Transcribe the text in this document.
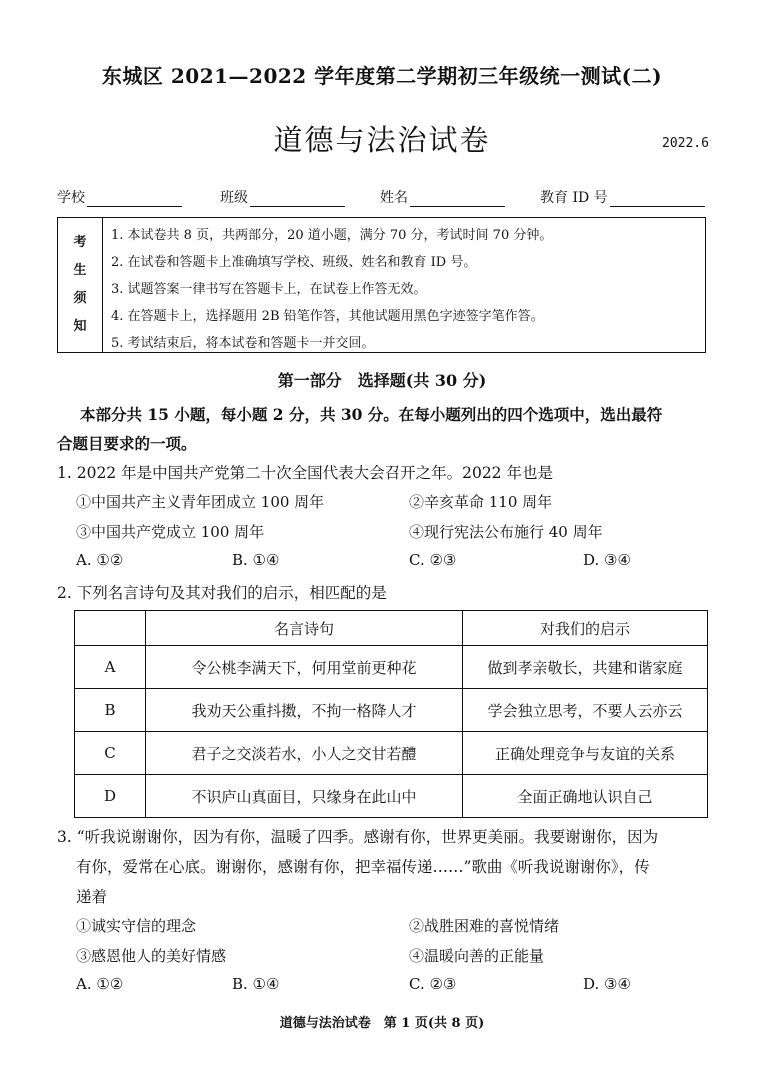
东城区 2021—2022 学年度第二学期初三年级统一测试(二)
道德与法治试卷	2022.6
学校	班级	姓名	教育 ID 号
考
生
须
知
1. 本试卷共 8 页，共两部分，20 道小题，满分 70 分，考试时间 70 分钟。
2. 在试卷和答题卡上准确填写学校、班级、姓名和教育 ID 号。
3. 试题答案一律书写在答题卡上，在试卷上作答无效。
4. 在答题卡上，选择题用 2B 铅笔作答，其他试题用黑色字迹签字笔作答。
5. 考试结束后，将本试卷和答题卡一并交回。
第一部分　选择题(共 30 分)
本部分共 15 小题，每小题 2 分，共 30 分。在每小题列出的四个选项中，选出最符
合题目要求的一项。
1. 2022 年是中国共产党第二十次全国代表大会召开之年。2022 年也是
①中国共产主义青年团成立 100 周年	②辛亥革命 110 周年
③中国共产党成立 100 周年	④现行宪法公布施行 40 周年
A. ①②	B. ①④	C. ②③	D. ③④
2. 下列名言诗句及其对我们的启示，相匹配的是
	名言诗句	对我们的启示
A	令公桃李满天下，何用堂前更种花	做到孝亲敬长，共建和谐家庭
B	我劝天公重抖擞，不拘一格降人才	学会独立思考，不要人云亦云
C	君子之交淡若水，小人之交甘若醴	正确处理竞争与友谊的关系
D	不识庐山真面目，只缘身在此山中	全面正确地认识自己
3. “听我说谢谢你，因为有你，温暖了四季。感谢有你，世界更美丽。我要谢谢你，因为
有你，爱常在心底。谢谢你，感谢有你，把幸福传递……”歌曲《听我说谢谢你》，传
递着
①诚实守信的理念	②战胜困难的喜悦情绪
③感恩他人的美好情感	④温暖向善的正能量
A. ①②	B. ①④	C. ②③	D. ③④
道德与法治试卷　第 1 页(共 8 页)
